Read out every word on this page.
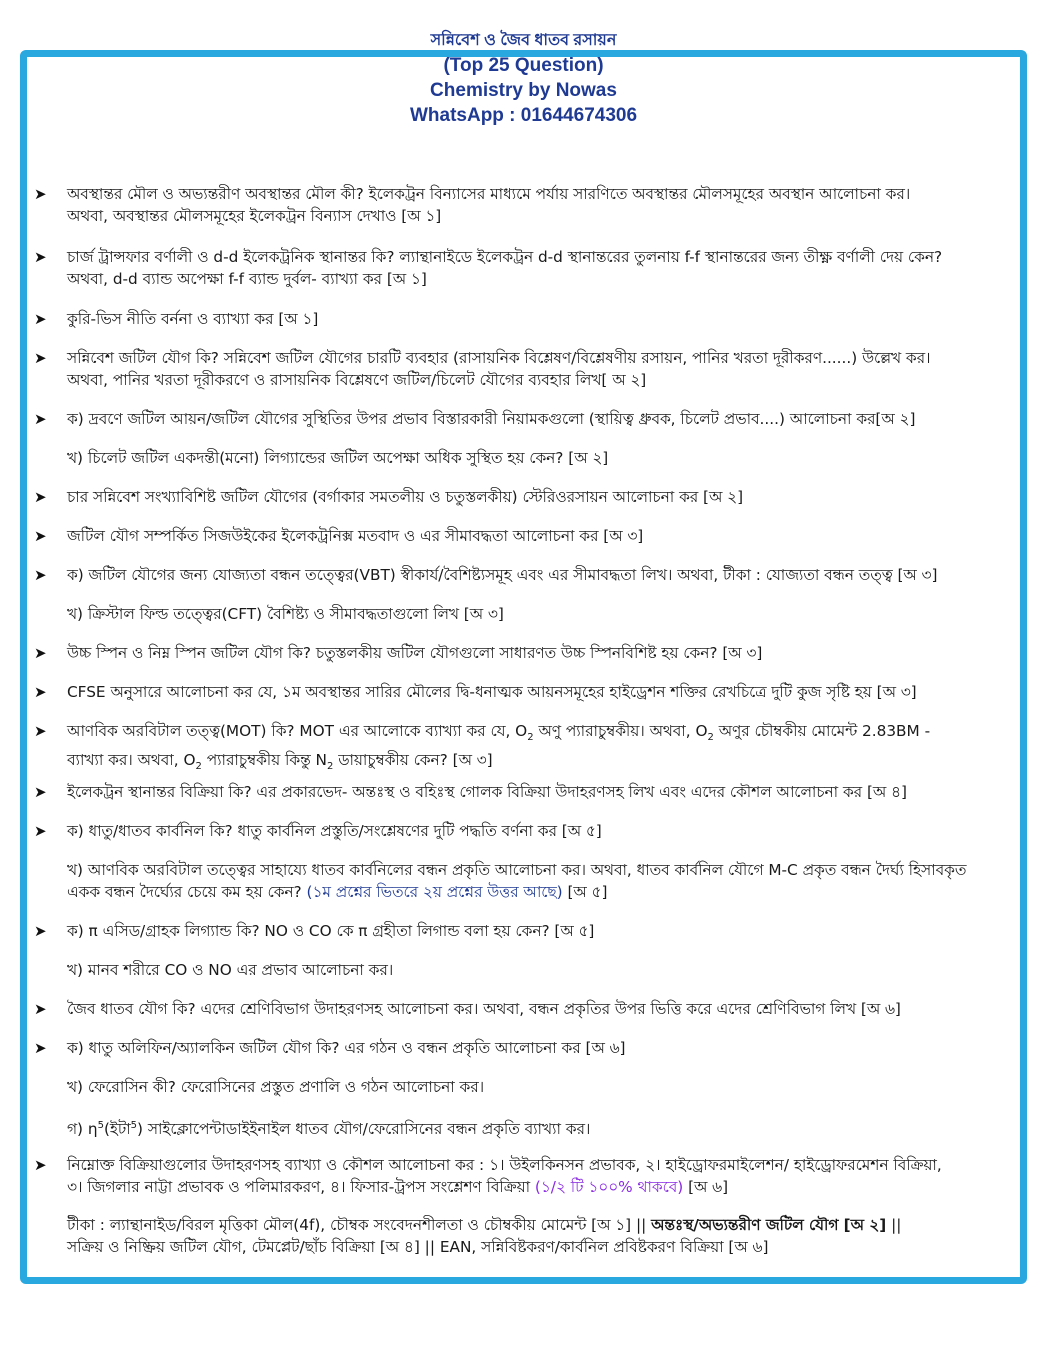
সন্নিবেশ ও জৈব ধাতব রসায়ন
(Top 25 Question)
Chemistry by Nowas
WhatsApp : 01644674306
➤ অবস্থান্তর মৌল ও অভ্যন্তরীণ অবস্থান্তর মৌল কী? ইলেকট্রন বিন্যাসের মাধ্যমে পর্যায় সারণিতে অবস্থান্তর মৌলসমূহের অবস্থান আলোচনা কর।
অথবা, অবস্থান্তর মৌলসমূহের ইলেকট্রন বিন্যাস দেখাও [অ ১]
➤ চার্জ ট্রান্সফার বর্ণালী ও d-d ইলেকট্রনিক স্থানান্তর কি? ল্যান্থানাইডে ইলেকট্রন d-d স্থানান্তরের তুলনায় f-f স্থানান্তরের জন্য তীক্ষ্ণ বর্ণালী দেয় কেন?
অথবা, d-d ব্যান্ড অপেক্ষা f-f ব্যান্ড দুর্বল- ব্যাখ্যা কর [অ ১]
➤ কুরি-ভিস নীতি বর্ননা ও ব্যাখ্যা কর [অ ১]
➤ সন্নিবেশ জটিল যৌগ কি? সন্নিবেশ জটিল যৌগের চারটি ব্যবহার (রাসায়নিক বিশ্লেষণ/বিশ্লেষণীয় রসায়ন, পানির খরতা দূরীকরণ......) উল্লেখ কর।
অথবা, পানির খরতা দূরীকরণে ও রাসায়নিক বিশ্লেষণে জটিল/চিলেট যৌগের ব্যবহার লিখ[ অ ২]
➤ ক) দ্রবণে জটিল আয়ন/জটিল যৌগের সুস্থিতির উপর প্রভাব বিস্তারকারী নিয়ামকগুলো (স্থায়িত্ব ধ্রুবক, চিলেট প্রভাব....) আলোচনা কর[অ ২]
খ) চিলেট জটিল একদন্তী(মনো) লিগ্যান্ডের জটিল অপেক্ষা অধিক সুস্থিত হয় কেন? [অ ২]
➤ চার সন্নিবেশ সংখ্যাবিশিষ্ট জটিল যৌগের (বর্গাকার সমতলীয় ও চতুস্তলকীয়) স্টেরিওরসায়ন আলোচনা কর [অ ২]
➤ জটিল যৌগ সম্পর্কিত সিজউইকের ইলেকট্রনিক্স মতবাদ ও এর সীমাবদ্ধতা আলোচনা কর [অ ৩]
➤ ক) জটিল যৌগের জন্য যোজ্যতা বন্ধন তত্ত্বের(VBT) স্বীকার্য/বৈশিষ্ট্যসমূহ এবং এর সীমাবদ্ধতা লিখ। অথবা, টীকা : যোজ্যতা বন্ধন তত্ত্ব [অ ৩]
খ) ক্রিস্টাল ফিল্ড তত্ত্বের(CFT) বৈশিষ্ট্য ও সীমাবদ্ধতাগুলো লিখ [অ ৩]
➤ উচ্চ স্পিন ও নিম্ন স্পিন জটিল যৌগ কি? চতুস্তলকীয় জটিল যৌগগুলো সাধারণত উচ্চ স্পিনবিশিষ্ট হয় কেন? [অ ৩]
➤ CFSE অনুসারে আলোচনা কর যে, ১ম অবস্থান্তর সারির মৌলের দ্বি-ধনাত্মক আয়নসমূহের হাইড্রেশন শক্তির রেখচিত্রে দুটি কুজ সৃষ্টি হয় [অ ৩]
➤ আণবিক অরবিটাল তত্ত্ব(MOT) কি? MOT এর আলোকে ব্যাখ্যা কর যে, $O_2$ অণু প্যারাচুম্বকীয়। অথবা, $O_2$ অণুর চৌম্বকীয় মোমেন্ট 2.83BM -
ব্যাখ্যা কর। অথবা, $O_2$ প্যারাচুম্বকীয় কিন্তু $N_2$ ডায়াচুম্বকীয় কেন? [অ ৩]
➤ ইলেকট্রন স্থানান্তর বিক্রিয়া কি? এর প্রকারভেদ- অন্তঃস্থ ও বহিঃস্থ গোলক বিক্রিয়া উদাহরণসহ লিখ এবং এদের কৌশল আলোচনা কর [অ ৪]
➤ ক) ধাতু/ধাতব কার্বনিল কি? ধাতু কার্বনিল প্রস্তুতি/সংশ্লেষণের দুটি পদ্ধতি বর্ণনা কর [অ ৫]
খ) আণবিক অরবিটাল তত্ত্বের সাহায্যে ধাতব কার্বনিলের বন্ধন প্রকৃতি আলোচনা কর। অথবা, ধাতব কার্বনিল যৌগে M-C প্রকৃত বন্ধন দৈর্ঘ্য হিসাবকৃত
একক বন্ধন দৈর্ঘ্যের চেয়ে কম হয় কেন? (১ম প্রশ্নের ভিতরে ২য় প্রশ্নের উত্তর আছে) [অ ৫]
➤ ক) π এসিড/গ্রাহক লিগ্যান্ড কি? NO ও CO কে π গ্রহীতা লিগান্ড বলা হয় কেন? [অ ৫]
খ) মানব শরীরে CO ও NO এর প্রভাব আলোচনা কর।
➤ জৈব ধাতব যৌগ কি? এদের শ্রেণিবিভাগ উদাহরণসহ আলোচনা কর। অথবা, বন্ধন প্রকৃতির উপর ভিত্তি করে এদের শ্রেণিবিভাগ লিখ [অ ৬]
➤ ক) ধাতু অলিফিন/অ্যালকিন জটিল যৌগ কি? এর গঠন ও বন্ধন প্রকৃতি আলোচনা কর [অ ৬]
খ) ফেরোসিন কী? ফেরোসিনের প্রস্তুত প্রণালি ও গঠন আলোচনা কর।
গ) $\eta^5(ইটা^5)$ সাইক্লোপেন্টাডাইইনাইল ধাতব যৌগ/ফেরোসিনের বন্ধন প্রকৃতি ব্যাখ্যা কর।
➤ নিম্নোক্ত বিক্রিয়াগুলোর উদাহরণসহ ব্যাখ্যা ও কৌশল আলোচনা কর : ১। উইলকিনসন প্রভাবক, ২। হাইড্রোফরমাইলেশন/ হাইড্রোফরমেশন বিক্রিয়া,
৩। জিগলার নাট্টা প্রভাবক ও পলিমারকরণ, ৪। ফিসার-ট্রপস সংশ্লেশণ বিক্রিয়া (১/২ টি ১০০% থাকবে) [অ ৬]
টীকা : ল্যান্থানাইড/বিরল মৃত্তিকা মৌল(4f), চৌম্বক সংবেদনশীলতা ও চৌম্বকীয় মোমেন্ট [অ ১] || অন্তঃস্থ/অভ্যন্তরীণ জটিল যৌগ [অ ২] ||
সক্রিয় ও নিষ্ক্রিয় জটিল যৌগ, টেমপ্লেট/ছাঁচ বিক্রিয়া [অ ৪] || EAN, সন্নিবিষ্টকরণ/কার্বনিল প্রবিষ্টকরণ বিক্রিয়া [অ ৬]
